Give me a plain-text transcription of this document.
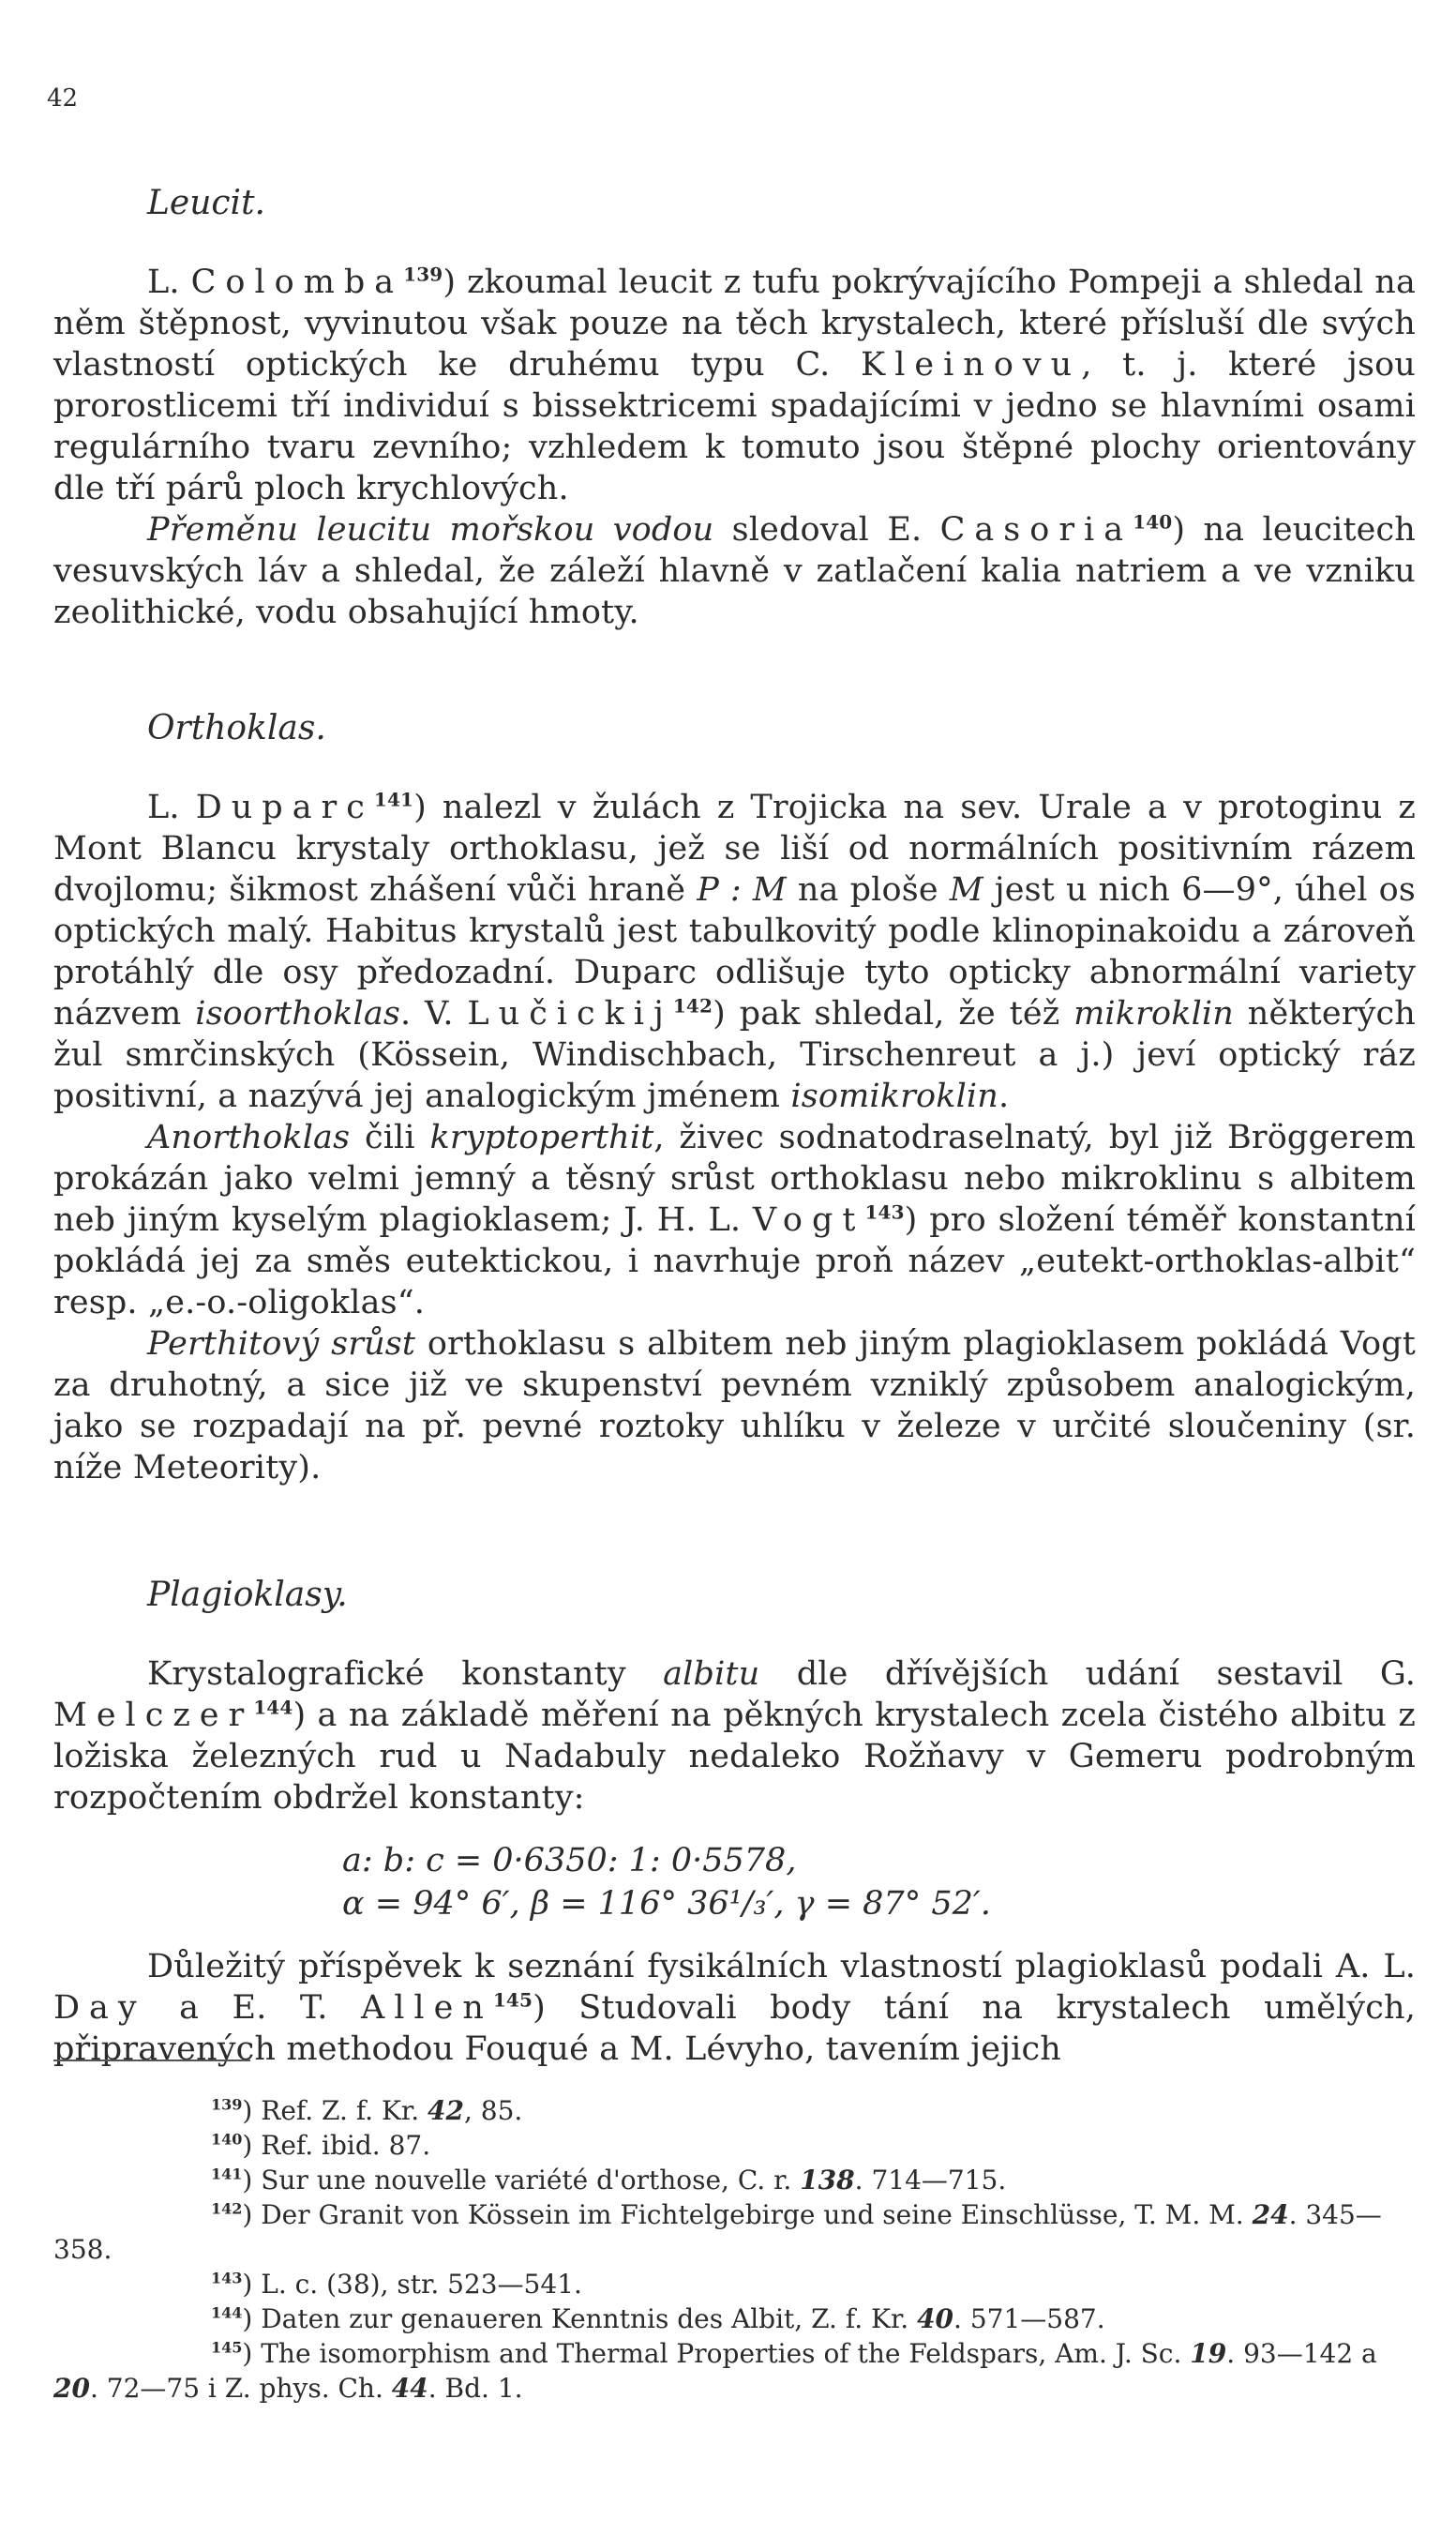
42
Leucit.

L. Colomba$^{139}$) zkoumal leucit z tufu pokrývajícího Pompeji a shledal na něm štěpnost, vyvinutou však pouze na těch krystalech, které přísluší dle svých vlastností optických ke druhému typu C. Kleinovu, t. j. které jsou prorostlicemi tří individuí s bissektricemi spadajícími v jedno se hlavními osami regulárního tvaru zevního; vzhledem k tomuto jsou štěpné plochy orientovány dle tří párů ploch krychlových.

Přeměnu leucitu mořskou vodou sledoval E. Casoria$^{140}$) na leucitech vesuvských láv a shledal, že záleží hlavně v zatlačení kalia natriem a ve vzniku zeolithické, vodu obsahující hmoty.

Orthoklas.

L. Duparc$^{141}$) nalezl v žulách z Trojicka na sev. Urale a v protoginu z Mont Blancu krystaly orthoklasu, jež se liší od normálních positivním rázem dvojlomu; šikmost zhášení vůči hraně P : M na ploše M jest u nich 6—9°, úhel os optických malý. Habitus krystalů jest tabulkovitý podle klinopinakoidu a zároveň protáhlý dle osy předozadní. Duparc odlišuje tyto opticky abnormální variety názvem isoorthoklas. V. Lučickij$^{142}$) pak shledal, že též mikroklin některých žul smrčinských (Kössein, Windischbach, Tirschenreut a j.) jeví optický ráz positivní, a nazývá jej analogickým jménem isomikroklin.

Anorthoklas čili kryptoperthit, živec sodnatodraselnatý, byl již Bröggerem prokázán jako velmi jemný a těsný srůst orthoklasu nebo mikroklinu s albitem neb jiným kyselým plagioklasem; J. H. L. Vogt$^{143}$) pro složení téměř konstantní pokládá jej za směs eutektickou, i navrhuje proň název „eutekt-orthoklas-albit“ resp. „e.-o.-oligoklas“.

Perthitový srůst orthoklasu s albitem neb jiným plagioklasem pokládá Vogt za druhotný, a sice již ve skupenství pevném vzniklý způsobem analogickým, jako se rozpadají na př. pevné roztoky uhlíku v železe v určité sloučeniny (sr. níže Meteority).

Plagioklasy.

Krystalografické konstanty albitu dle dřívějších udání sestavil G. Melczer$^{144}$) a na základě měření na pěkných krystalech zcela čistého albitu z ložiska železných rud u Nadabuly nedaleko Rožňavy v Gemeru podrobným rozpočtením obdržel konstanty:

a: b: c = 0·6350: 1: 0·5578,
α = 94° 6′, β = 116° 36¹/₃′, γ = 87° 52′.

Důležitý příspěvek k seznání fysikálních vlastností plagioklasů podali A. L. Day a E. T. Allen$^{145}$) Studovali body tání na krystalech umělých, připravených methodou Fouqué a M. Lévyho, tavením jejich

$^{139}$) Ref. Z. f. Kr. 42, 85.

$^{140}$) Ref. ibid. 87.

$^{141}$) Sur une nouvelle variété d'orthose, C. r. 138. 714—715.

$^{142}$) Der Granit von Kössein im Fichtelgebirge und seine Einschlüsse, T. M. M. 24. 345—358.

$^{143}$) L. c. (38), str. 523—541.

$^{144}$) Daten zur genaueren Kenntnis des Albit, Z. f. Kr. 40. 571—587.

$^{145}$) The isomorphism and Thermal Properties of the Feldspars, Am. J. Sc. 19. 93—142 a 20. 72—75 i Z. phys. Ch. 44. Bd. 1.
